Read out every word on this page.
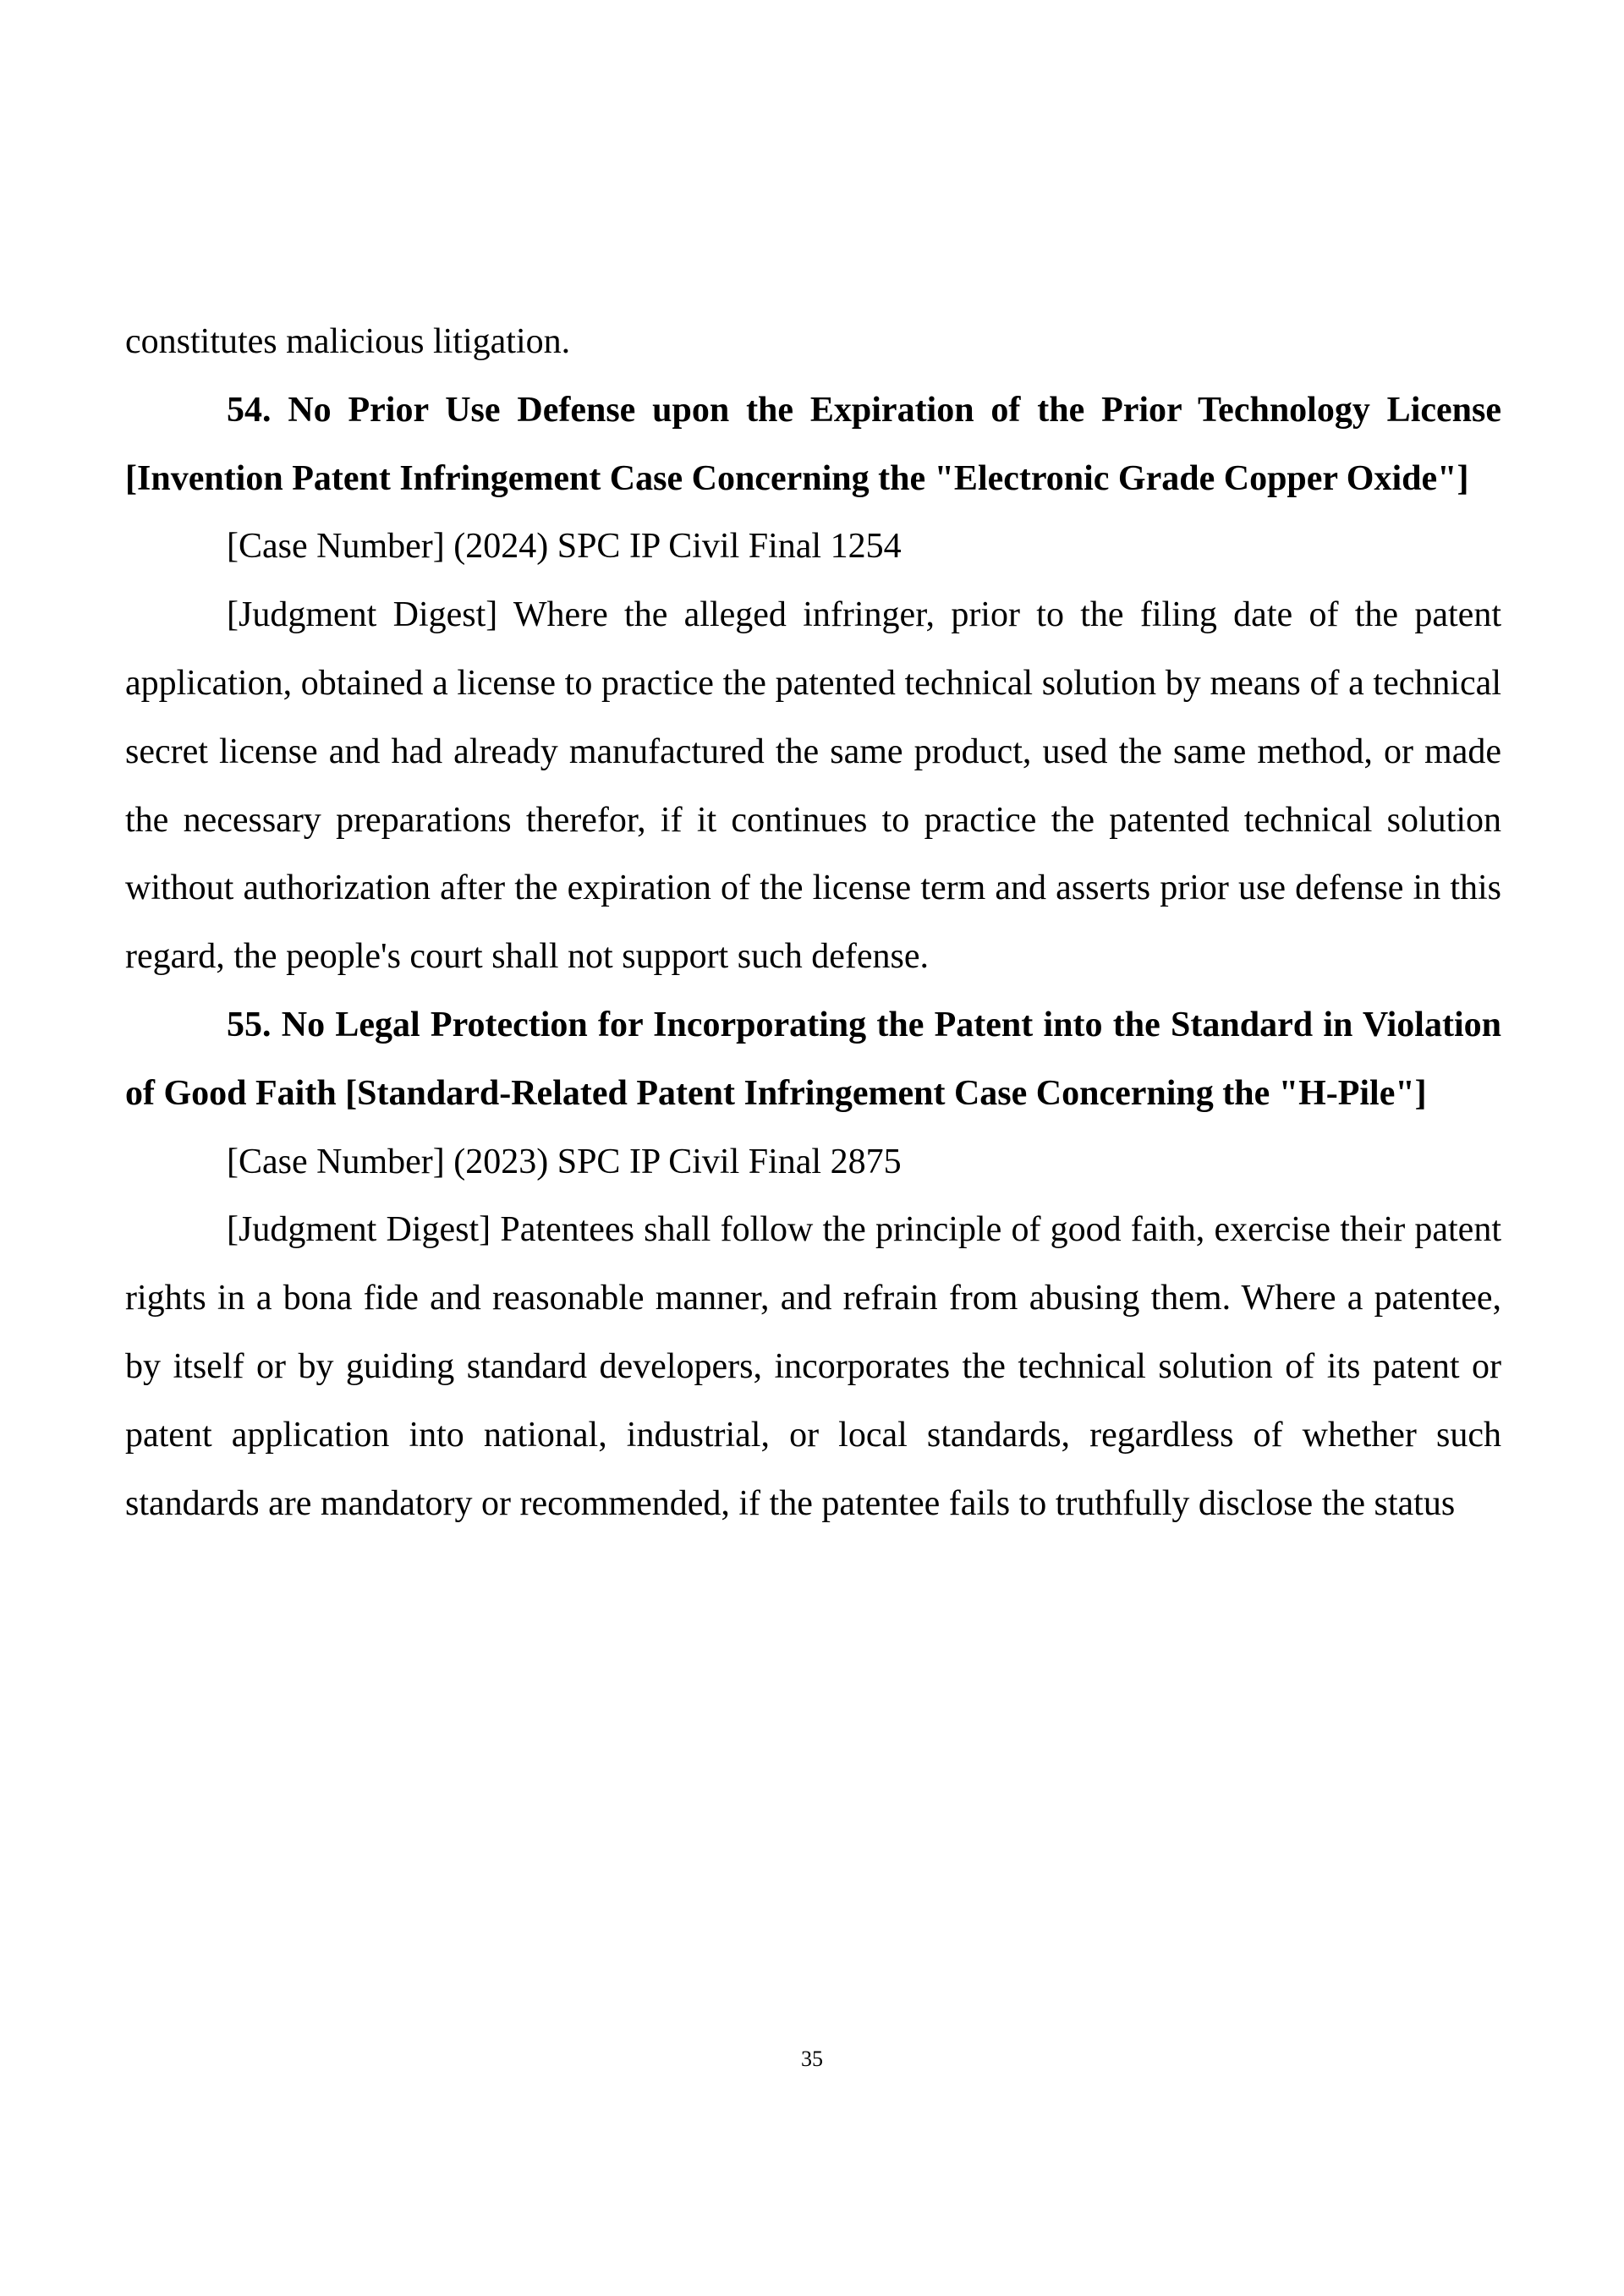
constitutes malicious litigation.

54. No Prior Use Defense upon the Expiration of the Prior Technology License [Invention Patent Infringement Case Concerning the "Electronic Grade Copper Oxide"]

[Case Number] (2024) SPC IP Civil Final 1254

[Judgment Digest] Where the alleged infringer, prior to the filing date of the patent application, obtained a license to practice the patented technical solution by means of a technical secret license and had already manufactured the same product, used the same method, or made the necessary preparations therefor, if it continues to practice the patented technical solution without authorization after the expiration of the license term and asserts prior use defense in this regard, the people's court shall not support such defense.

55. No Legal Protection for Incorporating the Patent into the Standard in Violation of Good Faith [Standard-Related Patent Infringement Case Concerning the "H-Pile"]

[Case Number] (2023) SPC IP Civil Final 2875

[Judgment Digest] Patentees shall follow the principle of good faith, exercise their patent rights in a bona fide and reasonable manner, and refrain from abusing them. Where a patentee, by itself or by guiding standard developers, incorporates the technical solution of its patent or patent application into national, industrial, or local standards, regardless of whether such standards are mandatory or recommended, if the patentee fails to truthfully disclose the status

35
